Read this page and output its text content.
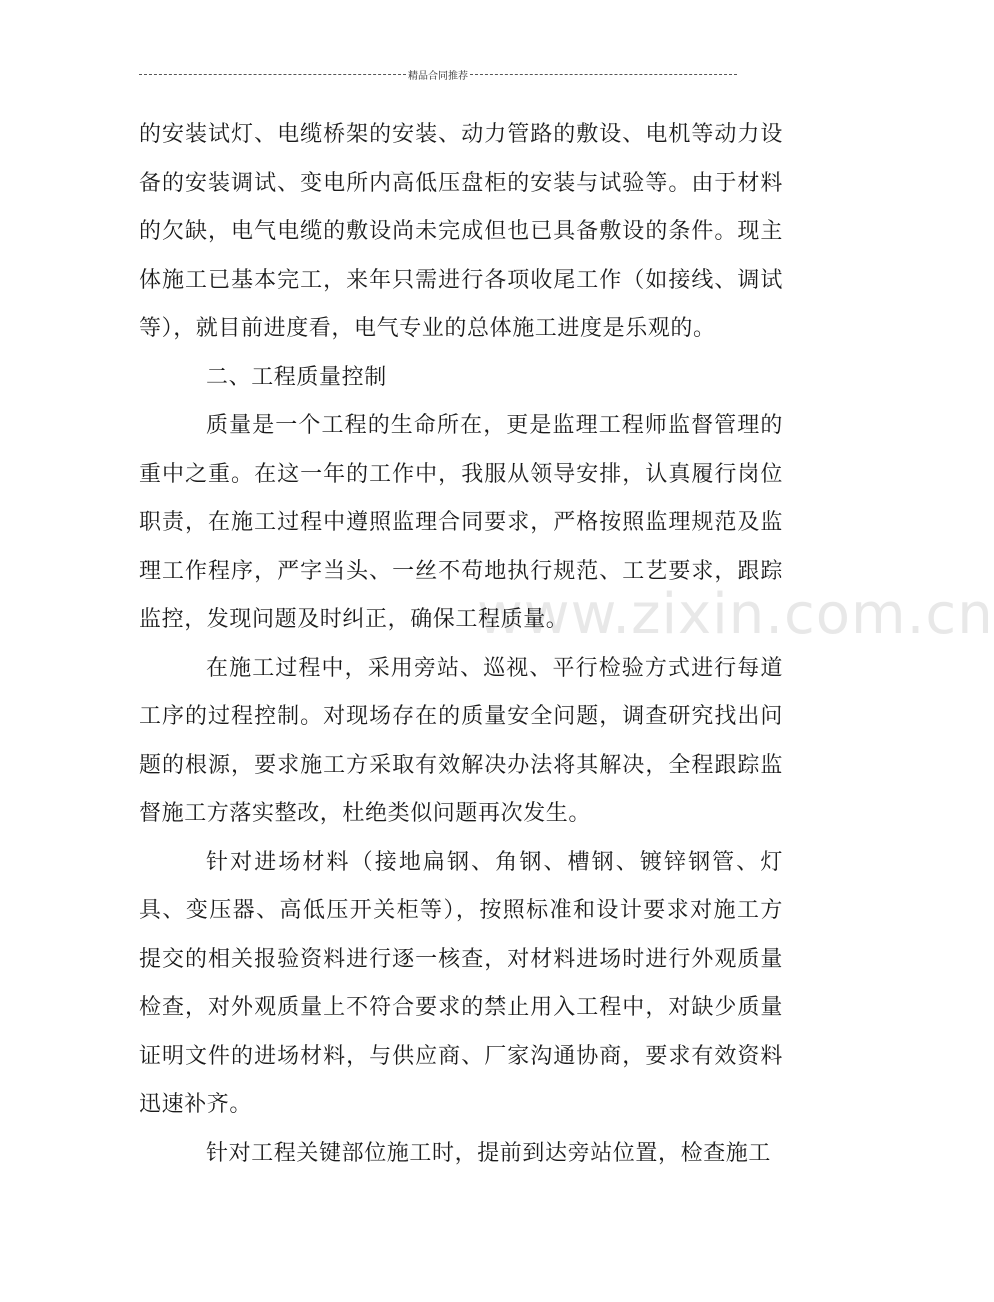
精品合同推荐
www.zixin.com.cn

的安装试灯、电缆桥架的安装、动力管路的敷设、电机等动力设备的安装调试、变电所内高低压盘柜的安装与试验等。由于材料的欠缺，电气电缆的敷设尚未完成但也已具备敷设的条件。现主体施工已基本完工，来年只需进行各项收尾工作（如接线、调试等），就目前进度看，电气专业的总体施工进度是乐观的。

二、工程质量控制

质量是一个工程的生命所在，更是监理工程师监督管理的重中之重。在这一年的工作中，我服从领导安排，认真履行岗位职责，在施工过程中遵照监理合同要求，严格按照监理规范及监理工作程序，严字当头、一丝不苟地执行规范、工艺要求，跟踪监控，发现问题及时纠正，确保工程质量。

在施工过程中，采用旁站、巡视、平行检验方式进行每道工序的过程控制。对现场存在的质量安全问题，调查研究找出问题的根源，要求施工方采取有效解决办法将其解决，全程跟踪监督施工方落实整改，杜绝类似问题再次发生。

针对进场材料（接地扁钢、角钢、槽钢、镀锌钢管、灯具、变压器、高低压开关柜等），按照标准和设计要求对施工方提交的相关报验资料进行逐一核查，对材料进场时进行外观质量检查，对外观质量上不符合要求的禁止用入工程中，对缺少质量证明文件的进场材料，与供应商、厂家沟通协商，要求有效资料迅速补齐。

针对工程关键部位施工时，提前到达旁站位置，检查施工
